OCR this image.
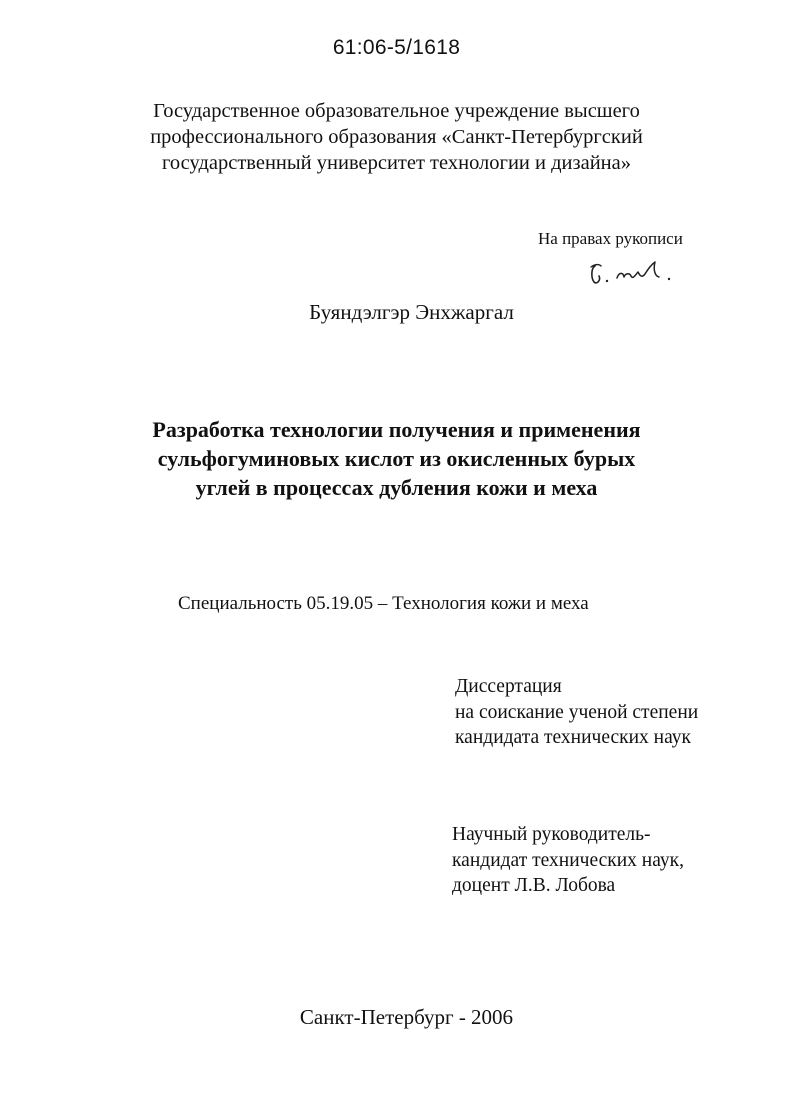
61:06-5/1618
Государственное образовательное учреждение высшего
профессионального образования «Санкт-Петербургский
государственный университет технологии и дизайна»
На правах рукописи
Буяндэлгэр Энхжаргал
Разработка технологии получения и применения
сульфогуминовых кислот из окисленных бурых
углей в процессах дубления кожи и меха
Специальность 05.19.05 – Технология кожи и меха
Диссертация
на соискание ученой степени
кандидата технических наук
Научный руководитель-
кандидат технических наук,
доцент Л.В. Лобова
Санкт-Петербург - 2006
